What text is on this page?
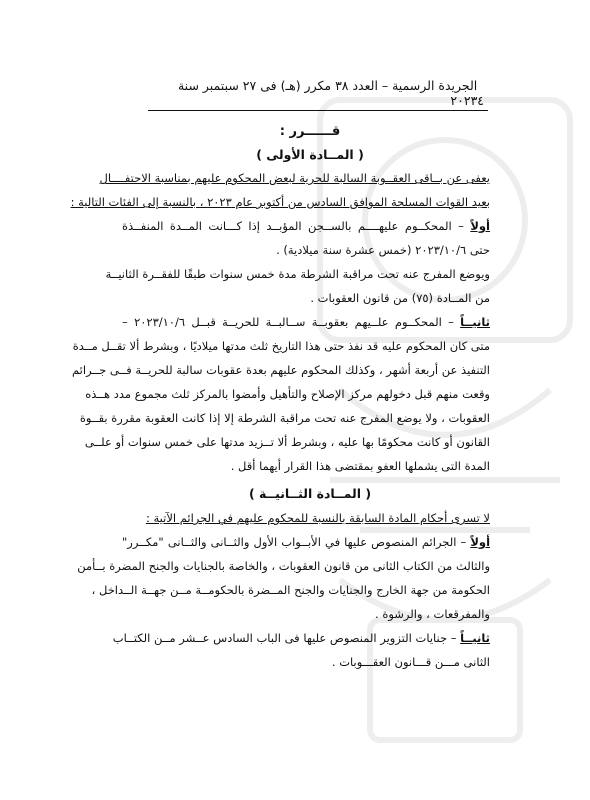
٤
الجريدة الرسمية – العدد ٣٨ مكرر (هـ) فى ٢٧ سبتمبر سنة ٢٠٢٣
قــــــرر :
( المــادة الأولى )
يعفى عن بــاقى العقــوبة السالبة للحرية لبعض المحكوم عليهم بمناسبة الاحتفــــال
بعيد القوات المسلحة الموافق السادس من أكتوبر عام ٢٠٢٣ ، بالنسبة إلى الفئات التالية :
أولاً – المحكــوم عليهــــم بالســجن المؤبــد إذا كـــانت المــدة المنفــذة
حتى ٢٠٢٣/١٠/٦ (خمس عشرة سنة ميلادية) .
ويوضع المفرج عنه تحت مراقبة الشرطة مدة خمس سنوات طبقًا للفقــرة الثانيــة
من المــادة (٧٥) من قانون العقوبات .
ثانيــاً – المحكــوم علــيهم بعقوبــة ســالبــة للحريــة قبــل ٢٠٢٣/١٠/٦ –
متى كان المحكوم عليه قد نفذ حتى هذا التاريخ ثلث مدتها ميلاديًا ، وبشرط ألا تقــل مــدة
التنفيذ عن أربعة أشهر ، وكذلك المحكوم عليهم بعدة عقوبات سالبة للحريــة فــى جــرائم
وقعت منهم قبل دخولهم مركز الإصلاح والتأهيل وأمضوا بالمركز ثلث مجموع مدد هــذه
العقوبات ، ولا يوضع المفرج عنه تحت مراقبة الشرطة إلا إذا كانت العقوبة مقررة بقــوة
القانون أو كانت محكومًا بها عليه ، وبشرط ألا تــزيد مدتها على خمس سنوات أو علــى
المدة التى يشملها العفو بمقتضى هذا القرار أيهما أقل .
( المــادة الثــانيــة )
لا تسرى أحكام المادة السابقة بالنسبة للمحكوم عليهم في الجرائم الآتية :
أولاً – الجرائم المنصوص عليها في الأبــواب الأول والثــانى والثــانى "مكــرر"
والثالث من الكتاب الثانى من قانون العقوبات ، والخاصة بالجنايات والجنح المضرة بــأمن
الحكومة من جهة الخارج والجنايات والجنح المــضرة بالحكومــة مــن جهــة الــداخل ،
والمفرقعات ، والرشوة .
ثانيــاً – جنايات التزوير المنصوص عليها فى الباب السادس عــشر مــن الكتــاب
الثانى مـــن قـــانون العقـــوبات .
